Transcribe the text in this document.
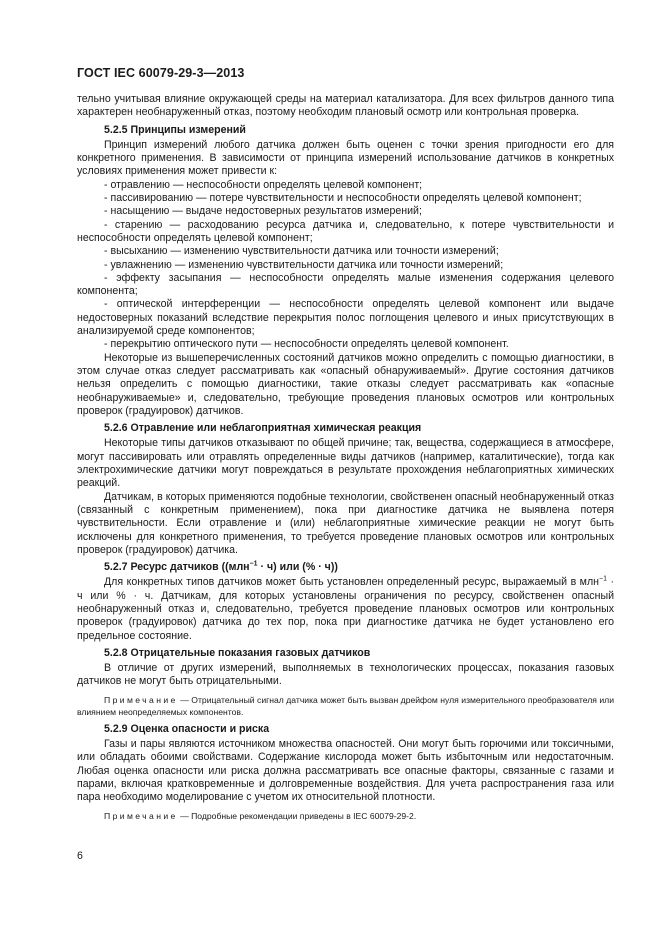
ГОСТ IEC 60079-29-3—2013

тельно учитывая влияние окружающей среды на материал катализатора. Для всех фильтров данного типа характерен необнаруженный отказ, поэтому необходим плановый осмотр или контрольная проверка.

5.2.5 Принципы измерений

Принцип измерений любого датчика должен быть оценен с точки зрения пригодности его для конкретного применения. В зависимости от принципа измерений использование датчиков в конкретных условиях применения может привести к:

- отравлению — неспособности определять целевой компонент;

- пассивированию — потере чувствительности и неспособности определять целевой компонент;

- насыщению — выдаче недостоверных результатов измерений;

- старению — расходованию ресурса датчика и, следовательно, к потере чувствительности и неспособности определять целевой компонент;

- высыханию — изменению чувствительности датчика или точности измерений;

- увлажнению — изменению чувствительности датчика или точности измерений;

- эффекту засыпания — неспособности определять малые изменения содержания целевого компонента;

- оптической интерференции — неспособности определять целевой компонент или выдаче недостоверных показаний вследствие перекрытия полос поглощения целевого и иных присутствующих в анализируемой среде компонентов;

- перекрытию оптического пути — неспособности определять целевой компонент.

Некоторые из вышеперечисленных состояний датчиков можно определить с помощью диагностики, в этом случае отказ следует рассматривать как «опасный обнаруживаемый». Другие состояния датчиков нельзя определить с помощью диагностики, такие отказы следует рассматривать как «опасные необнаруживаемые» и, следовательно, требующие проведения плановых осмотров или контрольных проверок (градуировок) датчиков.

5.2.6 Отравление или неблагоприятная химическая реакция

Некоторые типы датчиков отказывают по общей причине; так, вещества, содержащиеся в атмосфере, могут пассивировать или отравлять определенные виды датчиков (например, каталитические), тогда как электрохимические датчики могут повреждаться в результате прохождения неблагоприятных химических реакций.

Датчикам, в которых применяются подобные технологии, свойственен опасный необнаруженный отказ (связанный с конкретным применением), пока при диагностике датчика не выявлена потеря чувствительности. Если отравление и (или) неблагоприятные химические реакции не могут быть исключены для конкретного применения, то требуется проведение плановых осмотров или контрольных проверок (градуировок) датчика.

5.2.7 Ресурс датчиков ((млн$^{-1}$ · ч) или (% · ч))

Для конкретных типов датчиков может быть установлен определенный ресурс, выражаемый в млн$^{-1}$ · ч или % · ч. Датчикам, для которых установлены ограничения по ресурсу, свойственен опасный необнаруженный отказ и, следовательно, требуется проведение плановых осмотров или контрольных проверок (градуировок) датчика до тех пор, пока при диагностике датчика не будет установлено его предельное состояние.

5.2.8 Отрицательные показания газовых датчиков

В отличие от других измерений, выполняемых в технологических процессах, показания газовых датчиков не могут быть отрицательными.

Примечание — Отрицательный сигнал датчика может быть вызван дрейфом нуля измерительного преобразователя или влиянием неопределяемых компонентов.

5.2.9 Оценка опасности и риска

Газы и пары являются источником множества опасностей. Они могут быть горючими или токсичными, или обладать обоими свойствами. Содержание кислорода может быть избыточным или недостаточным. Любая оценка опасности или риска должна рассматривать все опасные факторы, связанные с газами и парами, включая кратковременные и долговременные воздействия. Для учета распространения газа или пара необходимо моделирование с учетом их относительной плотности.

Примечание — Подробные рекомендации приведены в IEC 60079-29-2.

6
